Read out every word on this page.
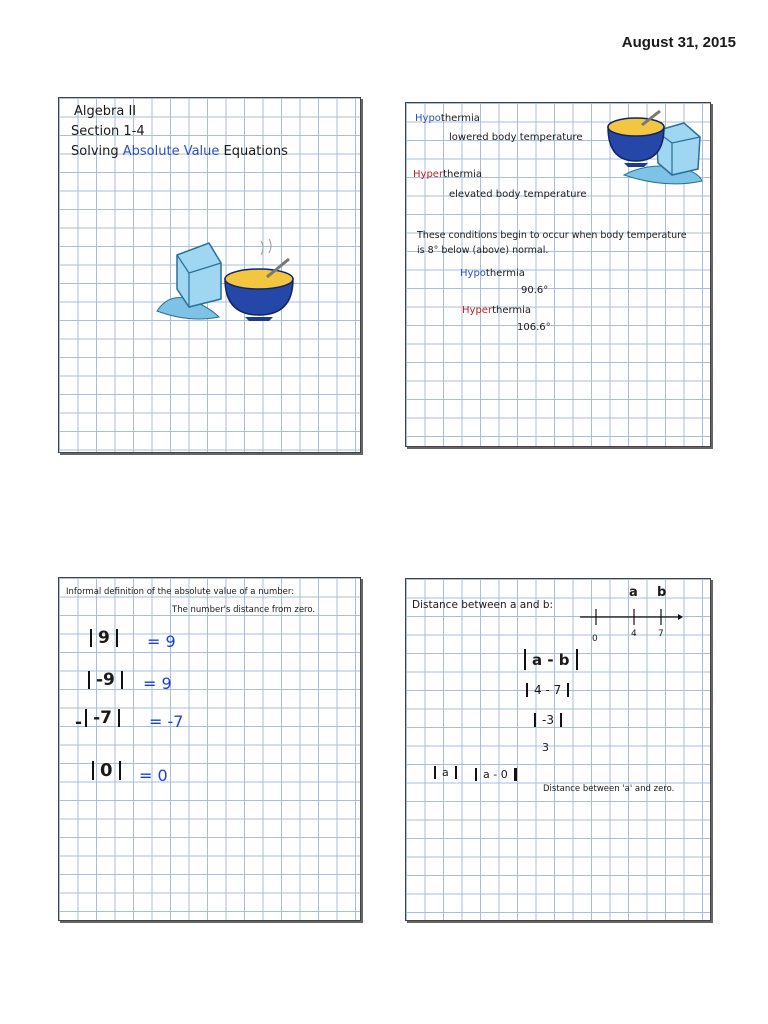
August 31, 2015
Algebra II
Section 1-4
Solving Absolute Value Equations
Hypothermia
lowered body temperature
Hyperthermia
elevated body temperature
These conditions begin to occur when body temperature
is 8° below (above) normal.
Hypothermia
90.6°
Hyperthermia
106.6°
Informal definition of the absolute value of a number:
The number's distance from zero.
9 = 9
-9 = 9
- -7 = -7
0 = 0
Distance between a and b:
a b
0	4 7
a - b
4 - 7
-3
3
a	a - 0
Distance between 'a' and zero.
